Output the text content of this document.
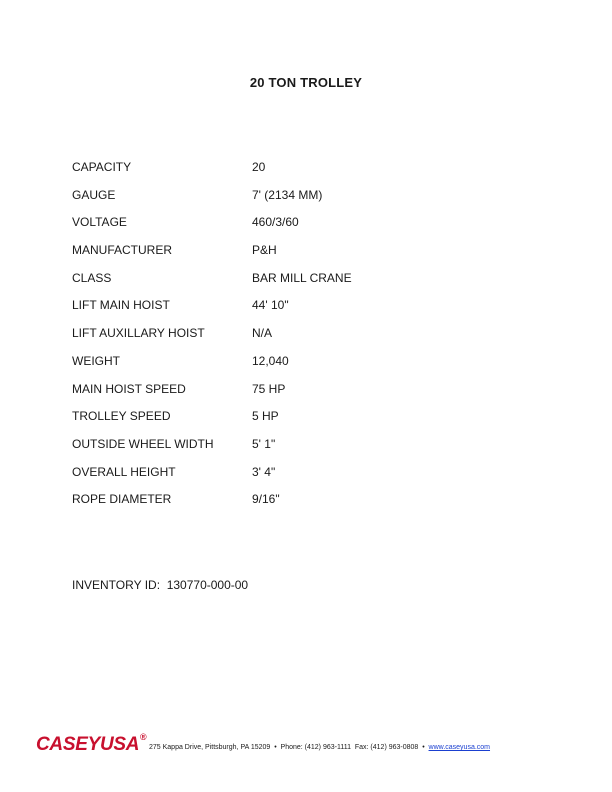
20 TON TROLLEY
CAPACITY	20
GAUGE	7' (2134 MM)
VOLTAGE	460/3/60
MANUFACTURER	P&H
CLASS	BAR MILL CRANE
LIFT MAIN HOIST	44' 10"
LIFT AUXILLARY HOIST	N/A
WEIGHT	12,040
MAIN HOIST SPEED	75 HP
TROLLEY SPEED	5 HP
OUTSIDE WHEEL WIDTH	5' 1"
OVERALL HEIGHT	3' 4"
ROPE DIAMETER	9/16"
INVENTORY ID: 130770-000-00
CASEYUSA ®
275 Kappa Drive, Pittsburgh, PA 15209 • Phone: (412) 963-1111 Fax: (412) 963-0808 • www.caseyusa.com
